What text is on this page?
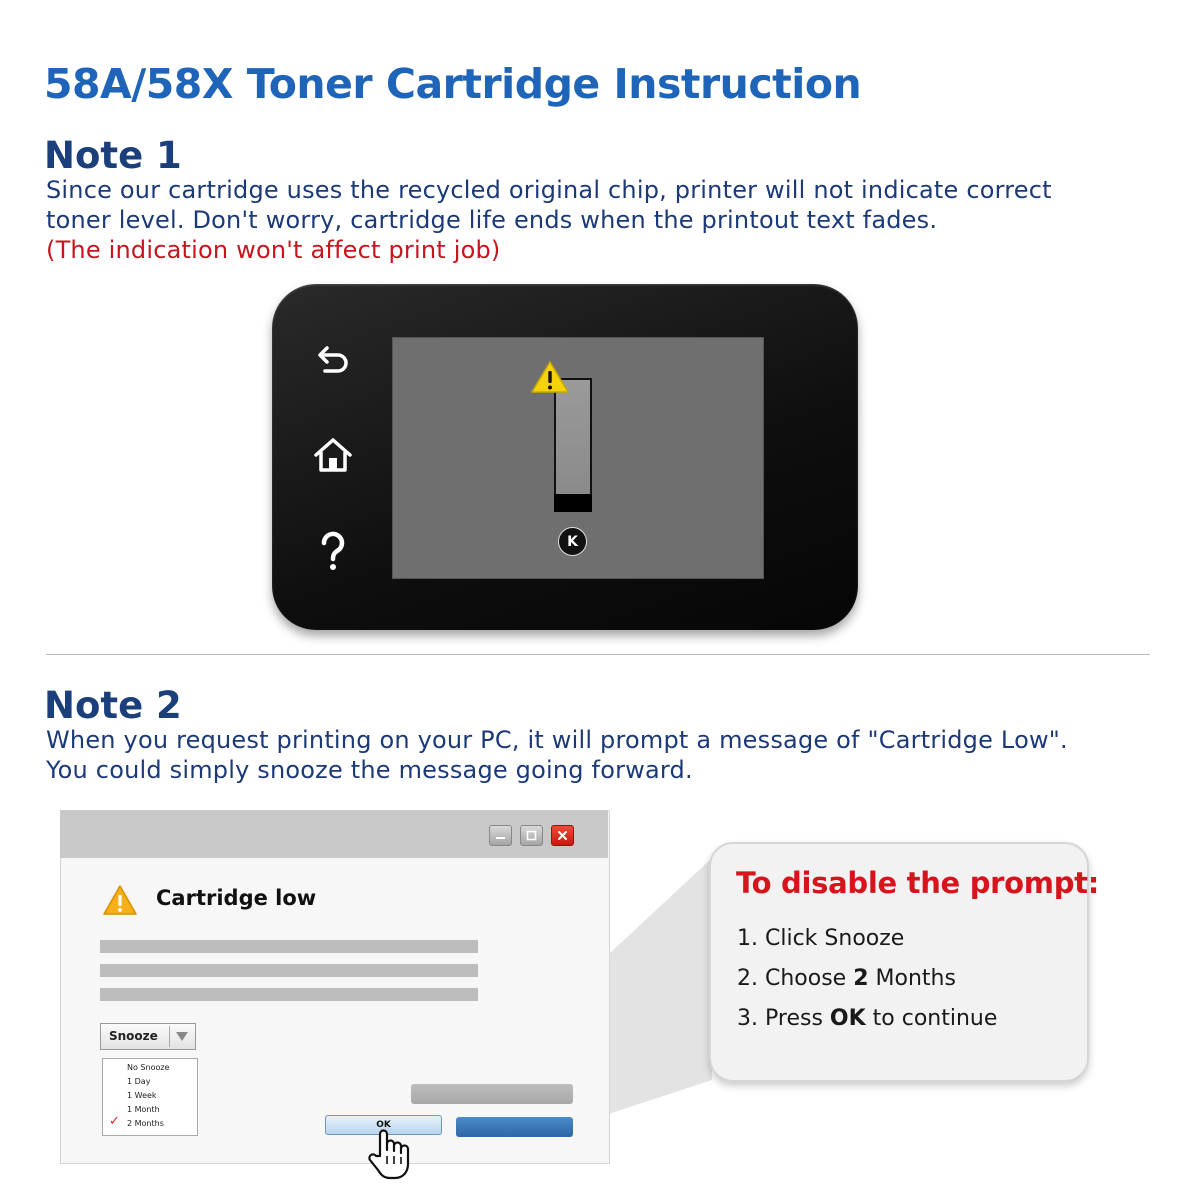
58A/58X Toner Cartridge Instruction
Note 1
Since our cartridge uses the recycled original chip, printer will not indicate correct
toner level. Don't worry, cartridge life ends when the printout text fades.
(The indication won't affect print job)
K
Note 2
When you request printing on your PC, it will prompt a message of "Cartridge Low".
You could simply snooze the message going forward.
Cartridge low
Snooze
No Snooze
1 Day
1 Week
1 Month
✓ 2 Months	OK
To disable the prompt:
1. Click Snooze
2. Choose 2 Months
3. Press OK to continue
